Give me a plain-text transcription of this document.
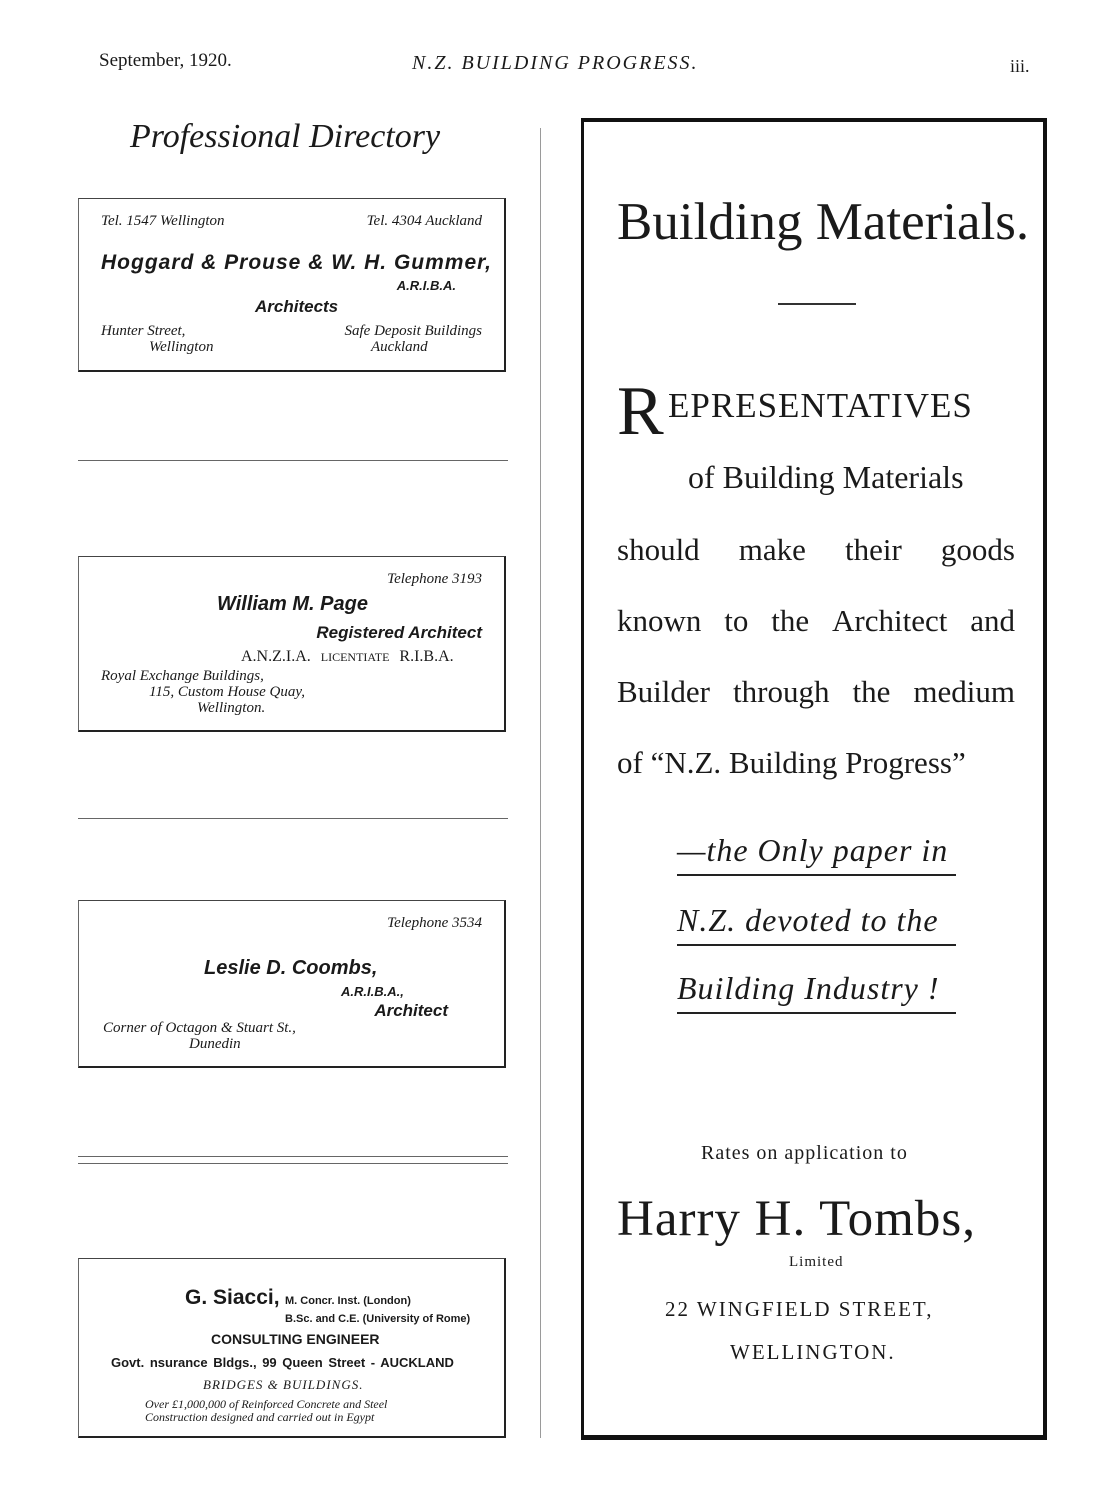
September, 1920.	N.Z. BUILDING PROGRESS.	iii.
Professional Directory
Tel. 1547 Wellington	Tel. 4304 Auckland
Hoggard & Prouse & W. H. Gummer,
A.R.I.B.A.
Architects
Hunter Street,
Wellington
Safe Deposit Buildings
Auckland
Telephone 3193
William M. Page
Registered Architect
A.N.Z.I.A. LICENTIATE R.I.B.A.
Royal Exchange Buildings,
115, Custom House Quay,
Wellington.
Telephone 3534
Leslie D. Coombs,
A.R.I.B.A.,
Architect
Corner of Octagon & Stuart St.,
Dunedin
G. Siacci, M. Concr. Inst. (London)
B.Sc. and C.E. (University of Rome)
CONSULTING ENGINEER
Govt. nsurance Bldgs., 99 Queen Street - AUCKLAND
BRIDGES & BUILDINGS.
Over £1,000,000 of Reinforced Concrete and Steel
Construction designed and carried out in Egypt
Building Materials.
R EPRESENTATIVES
of Building Materials
should make their goods
known to the Architect and
Builder through the medium
of “N.Z. Building Progress”
—the Only paper in
N.Z. devoted to the
Building Industry !
Rates on application to
Harry H. Tombs,
Limited
22 WINGFIELD STREET,
WELLINGTON.
